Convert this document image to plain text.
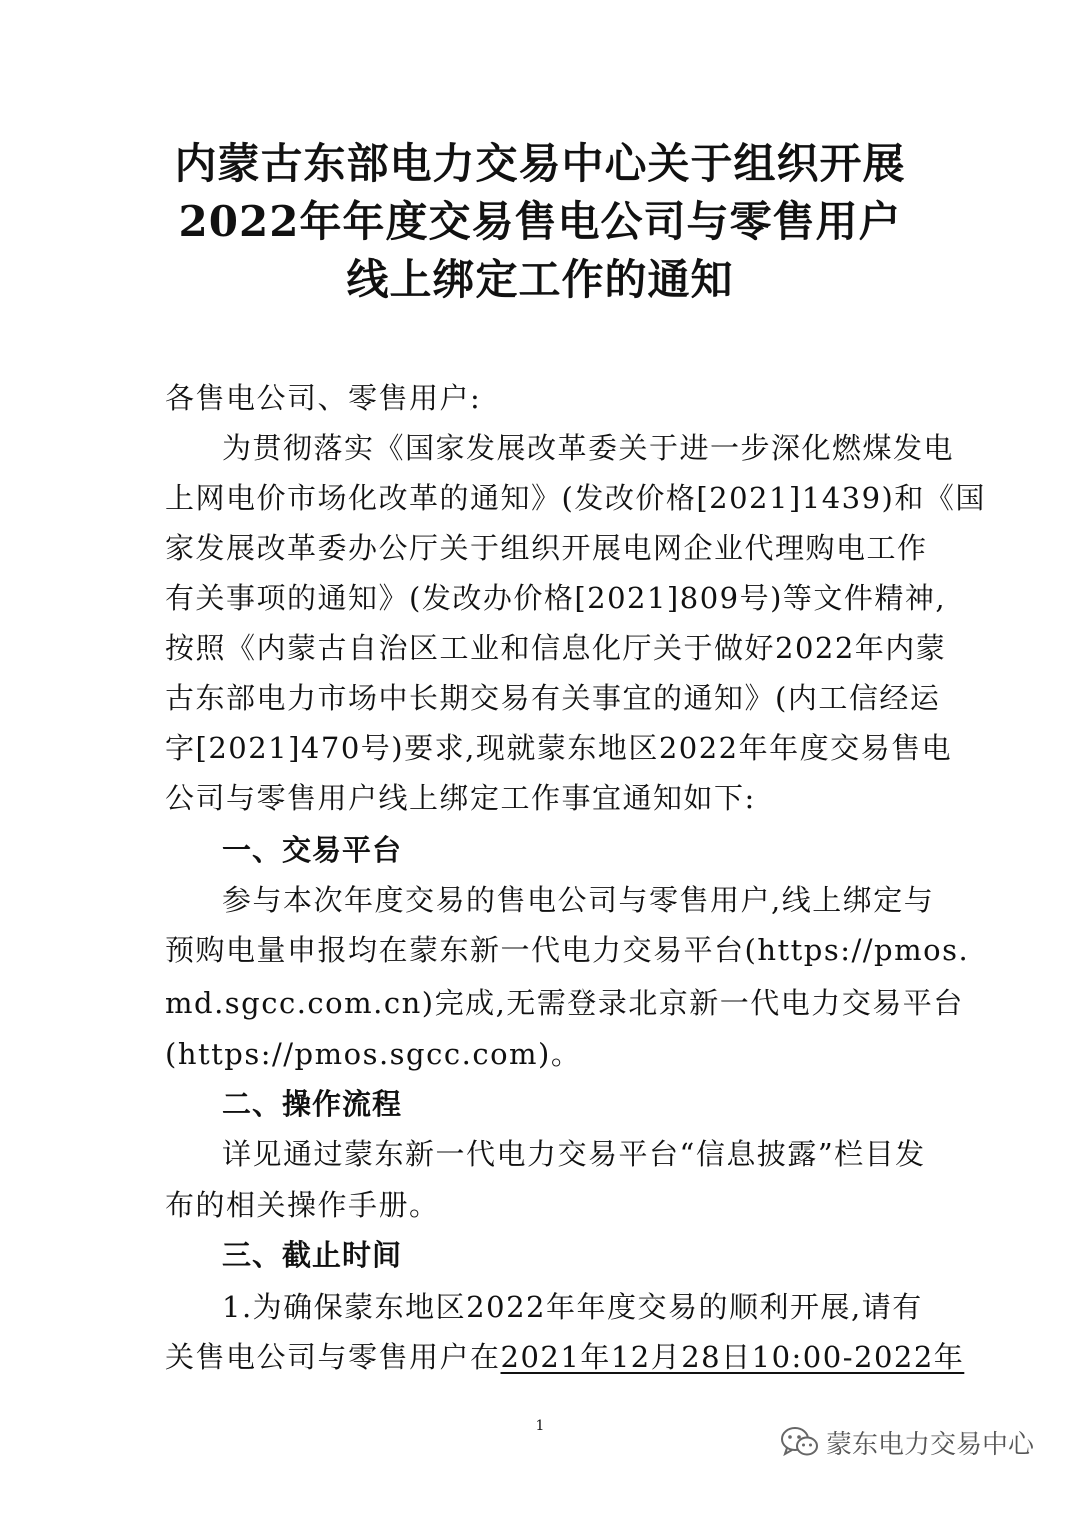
内蒙古东部电力交易中心关于组织开展
2022年年度交易售电公司与零售用户
线上绑定工作的通知
各售电公司、零售用户:
为贯彻落实《国家发展改革委关于进一步深化燃煤发电
上网电价市场化改革的通知》(发改价格[2021]1439)和《国
家发展改革委办公厅关于组织开展电网企业代理购电工作
有关事项的通知》(发改办价格[2021]809号)等文件精神,
按照《内蒙古自治区工业和信息化厅关于做好2022年内蒙
古东部电力市场中长期交易有关事宜的通知》(内工信经运
字[2021]470号)要求,现就蒙东地区2022年年度交易售电
公司与零售用户线上绑定工作事宜通知如下:
一、交易平台
参与本次年度交易的售电公司与零售用户,线上绑定与
预购电量申报均在蒙东新一代电力交易平台(https://pmos.
md.sgcc.com.cn)完成,无需登录北京新一代电力交易平台
(https://pmos.sgcc.com)。
二、操作流程
详见通过蒙东新一代电力交易平台“信息披露”栏目发
布的相关操作手册。
三、截止时间
1.为确保蒙东地区2022年年度交易的顺利开展,请有
关售电公司与零售用户在2021年12月28日10:00-2022年
1
蒙东电力交易中心
